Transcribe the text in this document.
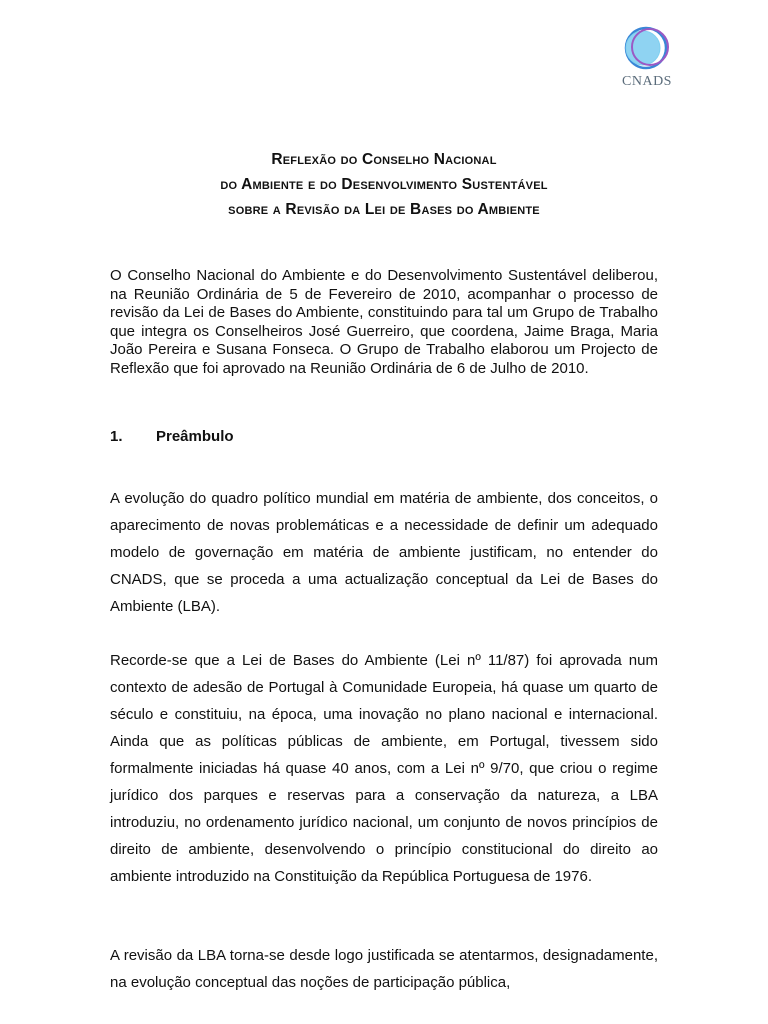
CNADS
Reflexão do Conselho Nacional
do Ambiente e do Desenvolvimento Sustentável
sobre a Revisão da Lei de Bases do Ambiente
O Conselho Nacional do Ambiente e do Desenvolvimento Sustentável deliberou, na Reunião Ordinária de 5 de Fevereiro de 2010, acompanhar o processo de revisão da Lei de Bases do Ambiente, constituindo para tal um Grupo de Trabalho que integra os Conselheiros José Guerreiro, que coordena, Jaime Braga, Maria João Pereira e Susana Fonseca. O Grupo de Trabalho elaborou um Projecto de Reflexão que foi aprovado na Reunião Ordinária de 6 de Julho de 2010.
1. Preâmbulo
A evolução do quadro político mundial em matéria de ambiente, dos conceitos, o aparecimento de novas problemáticas e a necessidade de definir um adequado modelo de governação em matéria de ambiente justificam, no entender do CNADS, que se proceda a uma actualização conceptual da Lei de Bases do Ambiente (LBA).
Recorde-se que a Lei de Bases do Ambiente (Lei nº 11/87) foi aprovada num contexto de adesão de Portugal à Comunidade Europeia, há quase um quarto de século e constituiu, na época, uma inovação no plano nacional e internacional. Ainda que as políticas públicas de ambiente, em Portugal, tivessem sido formalmente iniciadas há quase 40 anos, com a Lei nº 9/70, que criou o regime jurídico dos parques e reservas para a conservação da natureza, a LBA introduziu, no ordenamento jurídico nacional, um conjunto de novos princípios de direito de ambiente, desenvolvendo o princípio constitucional do direito ao ambiente introduzido na Constituição da República Portuguesa de 1976.
A revisão da LBA torna-se desde logo justificada se atentarmos, designadamente, na evolução conceptual das noções de participação pública,
